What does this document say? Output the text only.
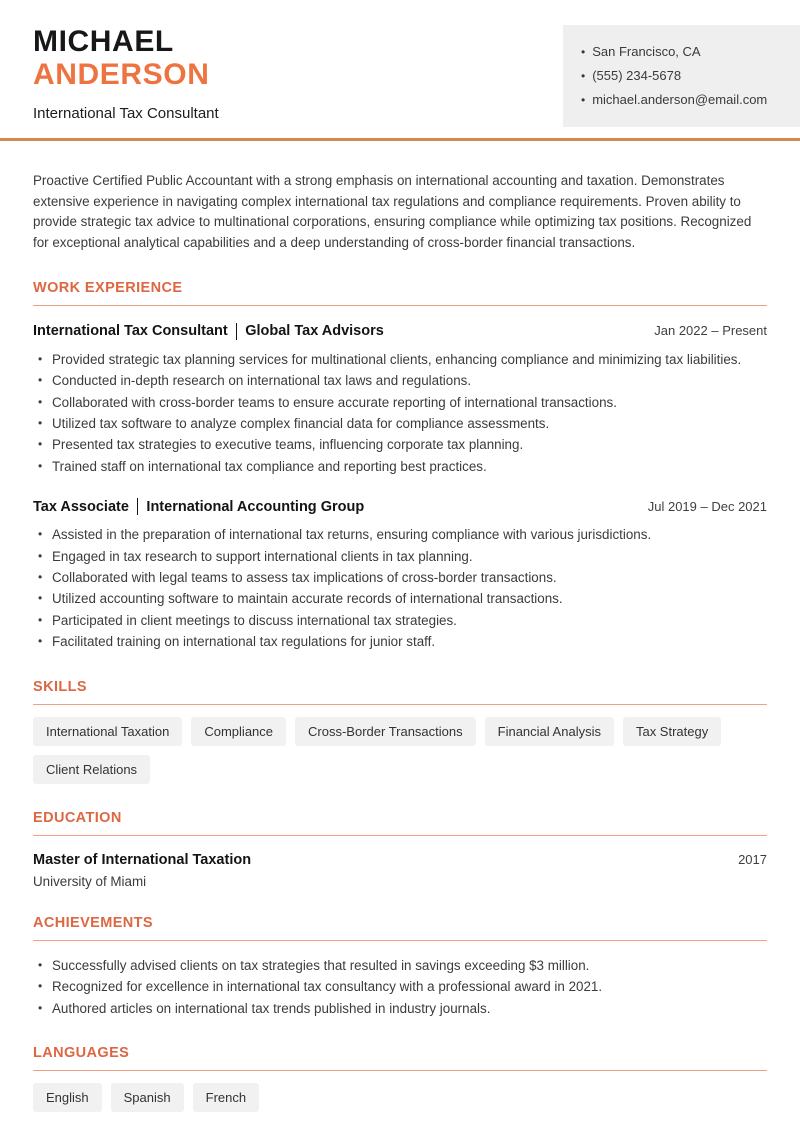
MICHAEL
ANDERSON
International Tax Consultant
• San Francisco, CA
• (555) 234-5678
• michael.anderson@email.com

Proactive Certified Public Accountant with a strong emphasis on international accounting and taxation. Demonstrates extensive experience in navigating complex international tax regulations and compliance requirements. Proven ability to provide strategic tax advice to multinational corporations, ensuring compliance while optimizing tax positions. Recognized for exceptional analytical capabilities and a deep understanding of cross-border financial transactions.

WORK EXPERIENCE
International Tax Consultant Global Tax Advisors	Jan 2022 – Present
• Provided strategic tax planning services for multinational clients, enhancing compliance and minimizing tax liabilities.
• Conducted in-depth research on international tax laws and regulations.
• Collaborated with cross-border teams to ensure accurate reporting of international transactions.
• Utilized tax software to analyze complex financial data for compliance assessments.
• Presented tax strategies to executive teams, influencing corporate tax planning.
• Trained staff on international tax compliance and reporting best practices.
Tax Associate International Accounting Group	Jul 2019 – Dec 2021
• Assisted in the preparation of international tax returns, ensuring compliance with various jurisdictions.
• Engaged in tax research to support international clients in tax planning.
• Collaborated with legal teams to assess tax implications of cross-border transactions.
• Utilized accounting software to maintain accurate records of international transactions.
• Participated in client meetings to discuss international tax strategies.
• Facilitated training on international tax regulations for junior staff.
SKILLS
International Taxation	Compliance	Cross-Border Transactions	Financial Analysis	Tax Strategy
Client Relations
EDUCATION
Master of International Taxation	2017
University of Miami
ACHIEVEMENTS
• Successfully advised clients on tax strategies that resulted in savings exceeding $3 million.
• Recognized for excellence in international tax consultancy with a professional award in 2021.
• Authored articles on international tax trends published in industry journals.
LANGUAGES
English	Spanish	French
